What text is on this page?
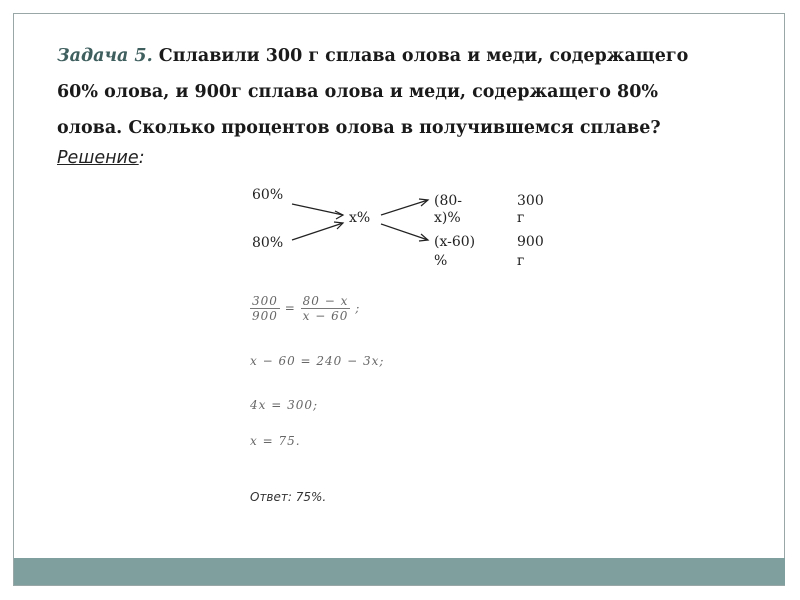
Задача 5. Сплавили 300 г сплава олова и меди, содержащего
60% олова, и 900г сплава олова и меди, содержащего 80%
олова. Сколько процентов олова в получившемся сплаве?
Решение:
60%
80%
x%
(80-
x)%
(x-60)
%
300
г
900
г
$\frac{300}{900} = \frac{80 - x}{x - 60}$ ;
x − 60 = 240 − 3x;
4x = 300;
x = 75.
Ответ: 75%.
